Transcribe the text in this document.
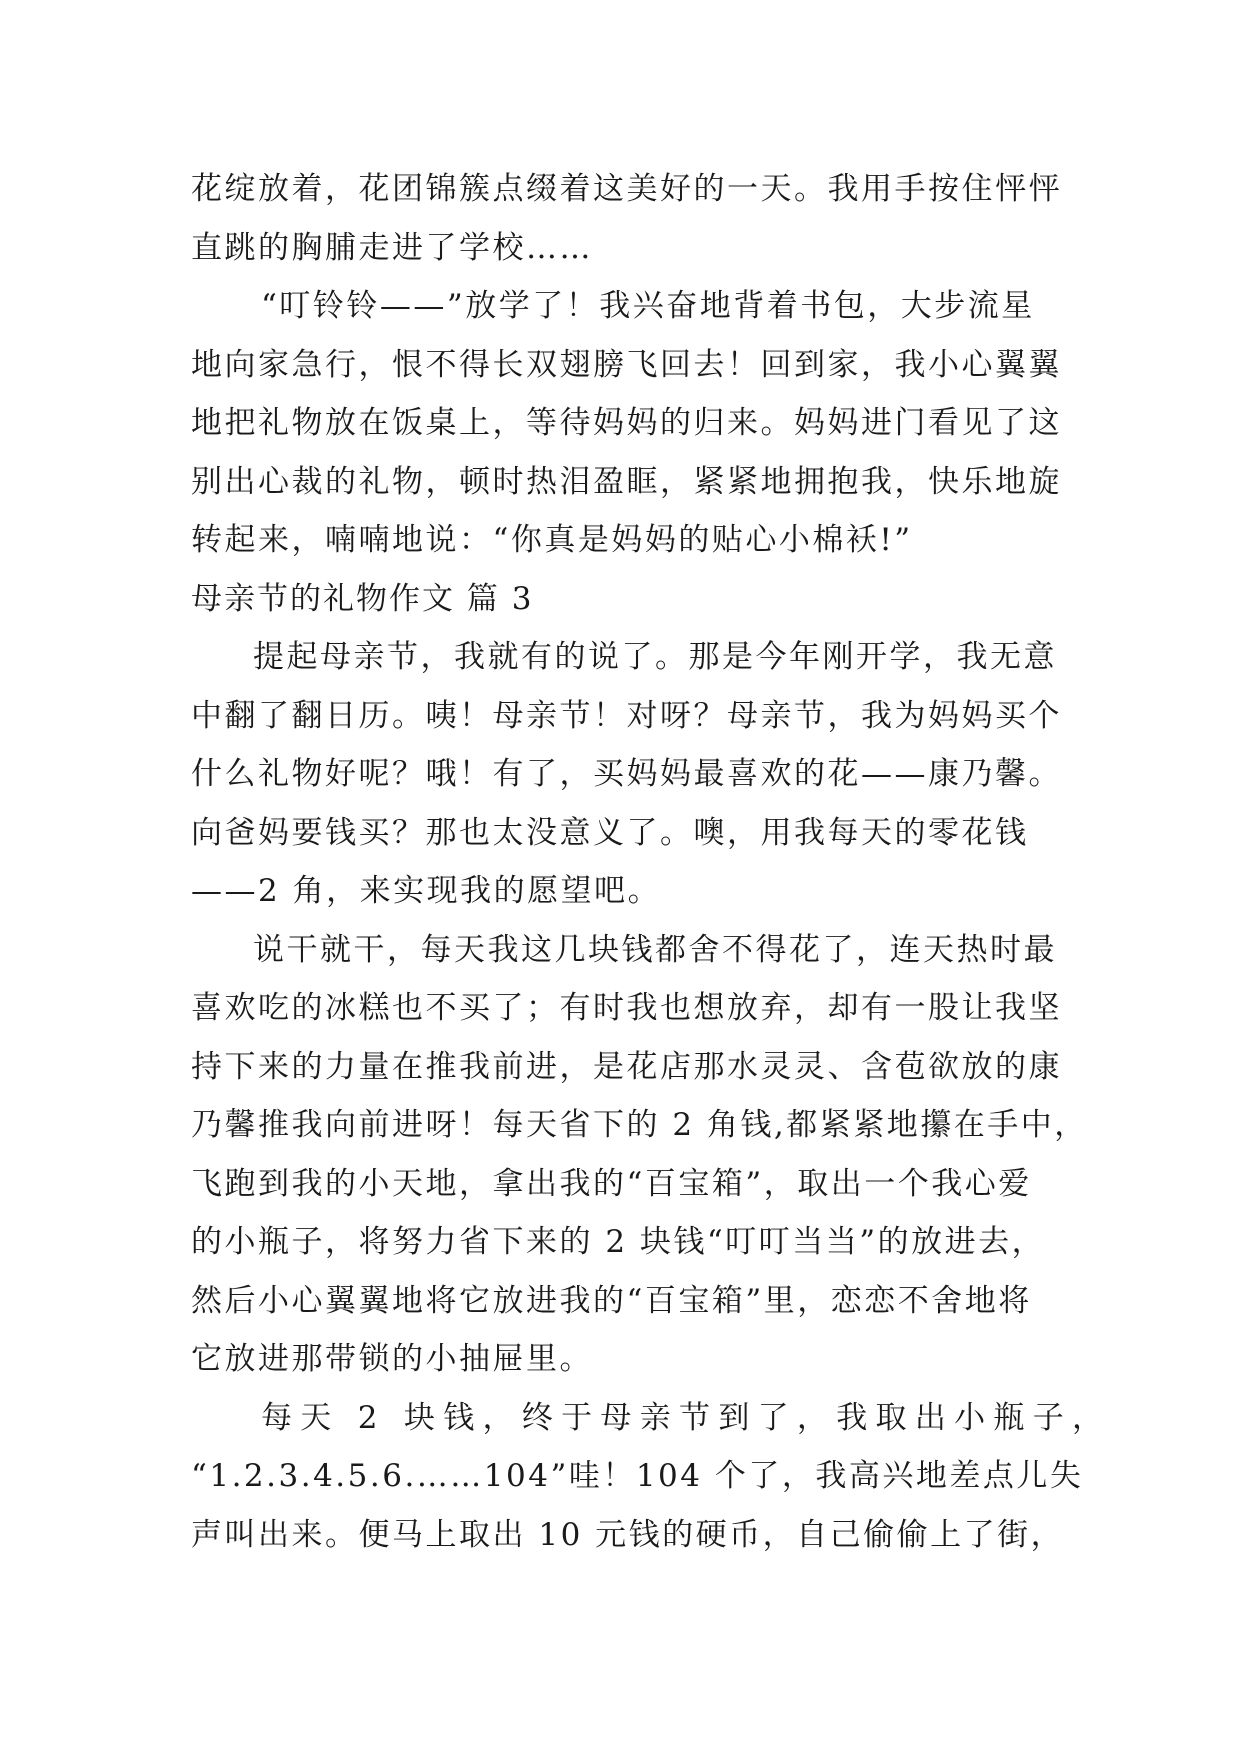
花绽放着，花团锦簇点缀着这美好的一天。我用手按住怦怦
直跳的胸脯走进了学校……
“叮铃铃——”放学了！我兴奋地背着书包，大步流星
地向家急行，恨不得长双翅膀飞回去！回到家，我小心翼翼
地把礼物放在饭桌上，等待妈妈的归来。妈妈进门看见了这
别出心裁的礼物，顿时热泪盈眶，紧紧地拥抱我，快乐地旋
转起来，喃喃地说：“你真是妈妈的贴心小棉袄!”
母亲节的礼物作文 篇 3
提起母亲节，我就有的说了。那是今年刚开学，我无意
中翻了翻日历。咦！母亲节！对呀？母亲节，我为妈妈买个
什么礼物好呢？哦！有了，买妈妈最喜欢的花——康乃馨。
向爸妈要钱买？那也太没意义了。噢，用我每天的零花钱
——2 角，来实现我的愿望吧。
说干就干，每天我这几块钱都舍不得花了，连天热时最
喜欢吃的冰糕也不买了；有时我也想放弃，却有一股让我坚
持下来的力量在推我前进，是花店那水灵灵、含苞欲放的康
乃馨推我向前进呀！每天省下的 2 角钱,都紧紧地攥在手中，
飞跑到我的小天地，拿出我的“百宝箱”，取出一个我心爱
的小瓶子，将努力省下来的 2 块钱“叮叮当当”的放进去，
然后小心翼翼地将它放进我的“百宝箱”里，恋恋不舍地将
它放进那带锁的小抽屉里。
每天 2 块钱，终于母亲节到了，我取出小瓶子，
“1.2.3.4.5.6.……104”哇！104 个了，我高兴地差点儿失
声叫出来。便马上取出 10 元钱的硬币，自己偷偷上了街，
